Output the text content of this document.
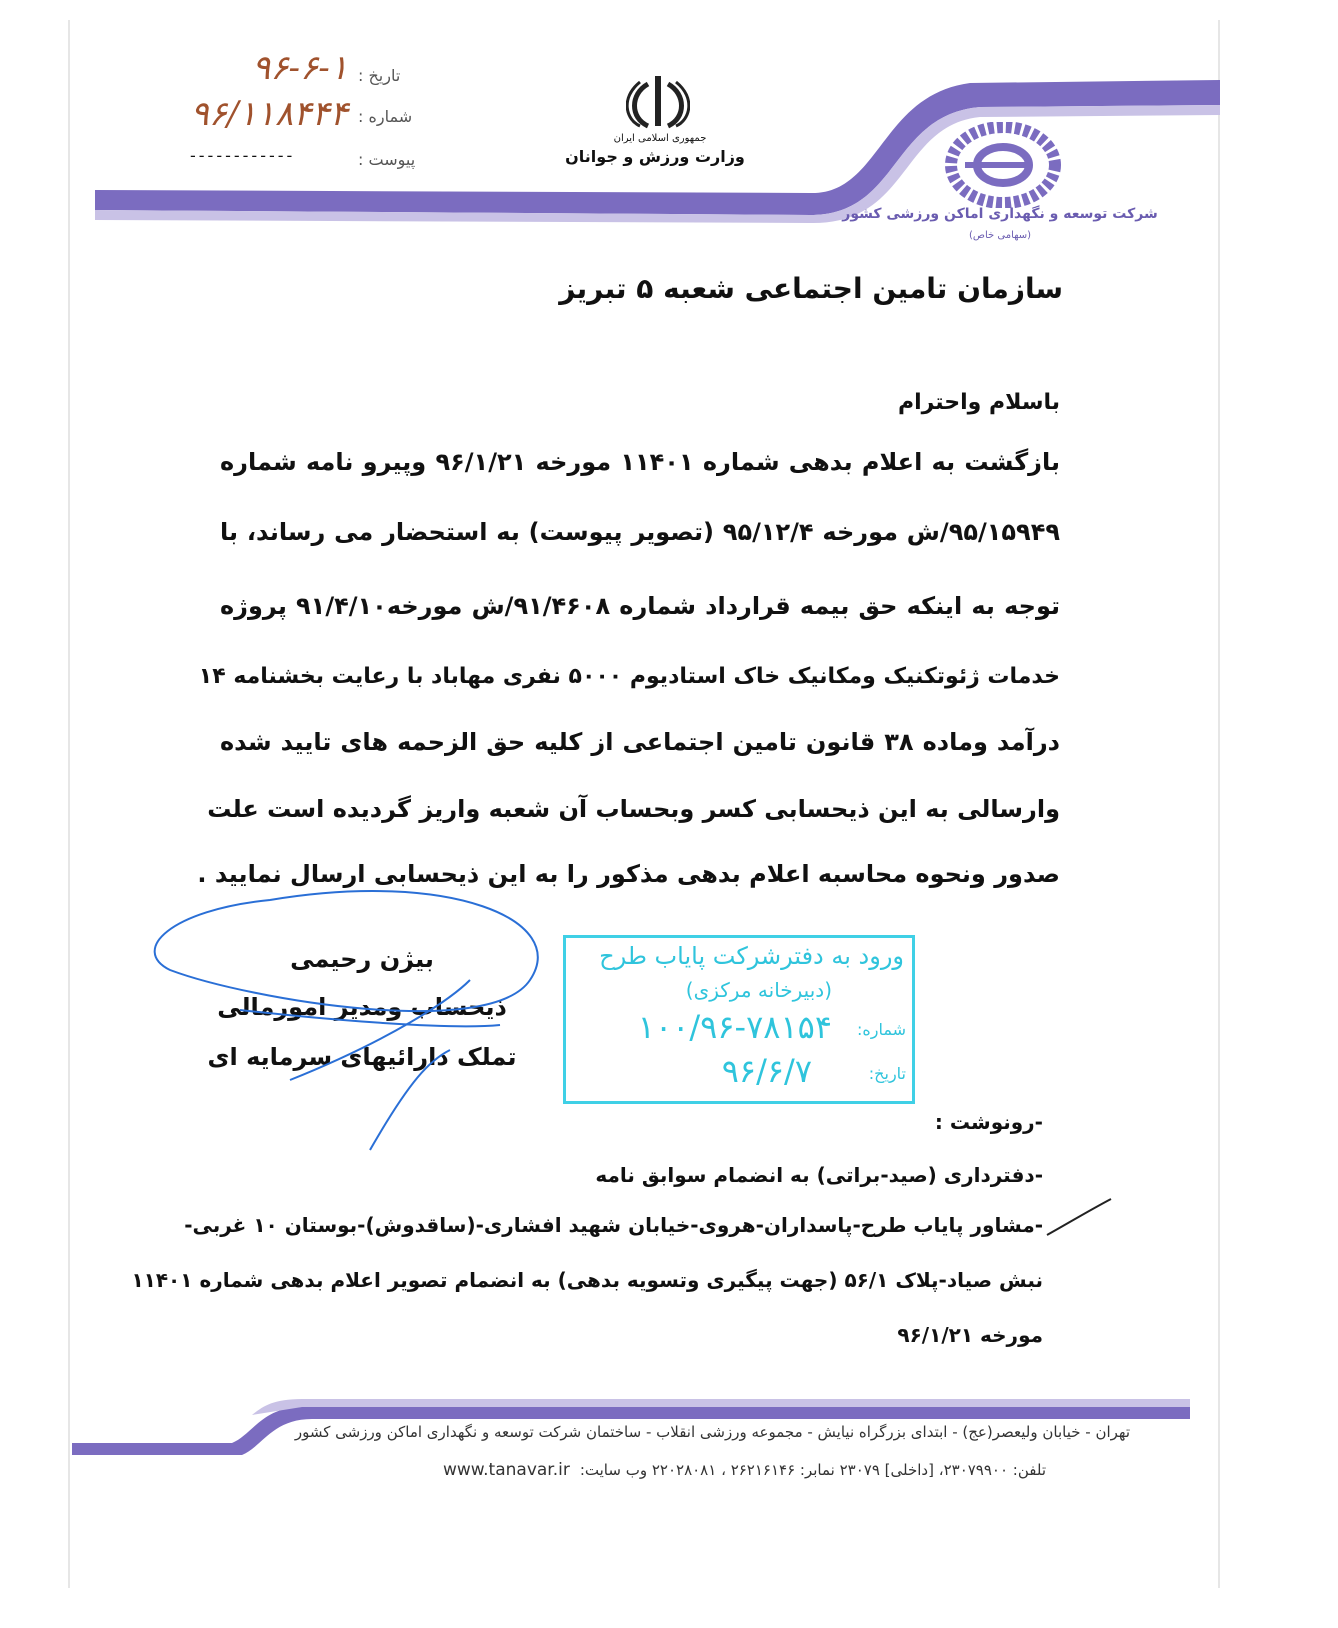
تاریخ :
۹۶-۶-۱
شماره :
۹۶/۱۱۸۴۴۴
پیوست :
------------
جمهوری اسلامی ایران
وزارت ورزش و جوانان
شرکت توسعه و نگهداری اماکن ورزشی کشور
(سهامی خاص)
سازمان تامین اجتماعی شعبه ۵ تبریز
باسلام واحترام
بازگشت به اعلام بدهی شماره ۱۱۴۰۱ مورخه ۹۶/۱/۲۱ وپیرو نامه شماره
۹۵/۱۵۹۴۹/ش مورخه ۹۵/۱۲/۴ (تصویر پیوست) به استحضار می رساند، با
توجه به اینکه حق بیمه قرارداد شماره ۹۱/۴۶۰۸/ش مورخه۹۱/۴/۱۰ پروژه
خدمات ژئوتکنیک ومکانیک خاک استادیوم ۵۰۰۰ نفری مهاباد با رعایت بخشنامه ۱۴
درآمد وماده ۳۸ قانون تامین اجتماعی از کلیه حق الزحمه های تایید شده
وارسالی به این ذیحسابی کسر وبحساب آن شعبه واریز گردیده است علت
صدور ونحوه محاسبه اعلام بدهی مذکور را به این ذیحسابی ارسال نمایید .
بیژن رحیمی
ذیحساب ومدیر امورمالی
تملک دارائیهای سرمایه ای
ورود به دفترشرکت پایاب طرح
(دبیرخانه مرکزی)
شماره:
۱۰۰/۹۶-۷۸۱۵۴
تاریخ:
۹۶/۶/۷
-رونوشت :
-دفترداری (صید-براتی) به انضمام سوابق نامه
-مشاور پایاب طرح-پاسداران-هروی-خیابان شهید افشاری-(ساقدوش)-بوستان ۱۰ غربی-
نبش صیاد-پلاک ۵۶/۱ (جهت پیگیری وتسویه بدهی) به انضمام تصویر اعلام بدهی شماره ۱۱۴۰۱
مورخه ۹۶/۱/۲۱
تهران - خیابان ولیعصر(عج) - ابتدای بزرگراه نیایش - مجموعه ورزشی انقلاب - ساختمان شرکت توسعه و نگهداری اماکن ورزشی کشور
تلفن: ۲۳۰۷۹۹۰۰، [داخلی] ۲۳۰۷۹ نمابر: ۲۶۲۱۶۱۴۶ ، ۲۲۰۲۸۰۸۱ وب سایت:
www.tanavar.ir
